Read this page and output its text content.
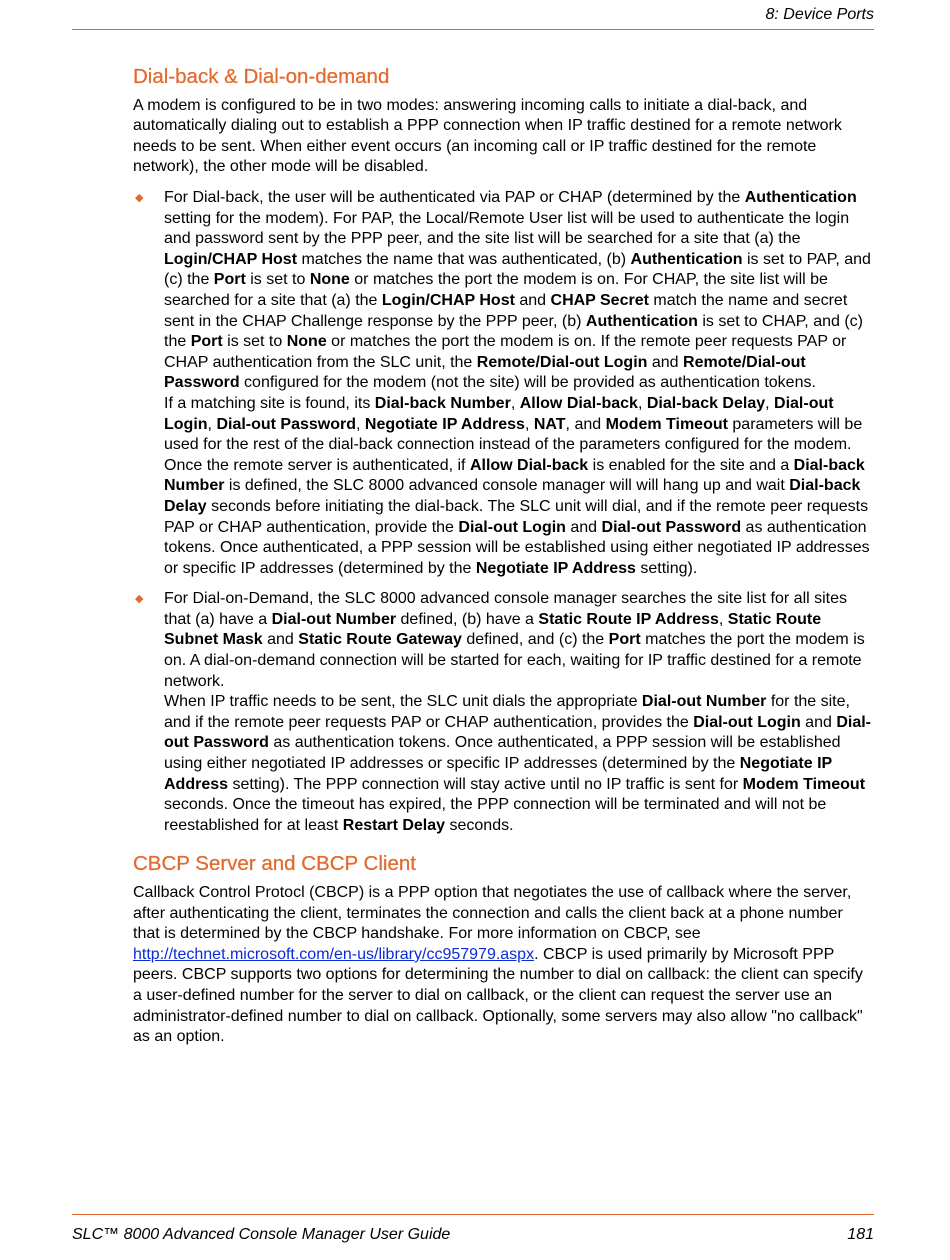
8: Device Ports
Dial-back & Dial-on-demand

A modem is configured to be in two modes: answering incoming calls to initiate a dial-back, and automatically dialing out to establish a PPP connection when IP traffic destined for a remote network needs to be sent. When either event occurs (an incoming call or IP traffic destined for the remote network), the other mode will be disabled.

◆ For Dial-back, the user will be authenticated via PAP or CHAP (determined by the Authentication setting for the modem). For PAP, the Local/Remote User list will be used to authenticate the login and password sent by the PPP peer, and the site list will be searched for a site that (a) the Login/CHAP Host matches the name that was authenticated, (b) Authentication is set to PAP, and (c) the Port is set to None or matches the port the modem is on. For CHAP, the site list will be searched for a site that (a) the Login/CHAP Host and CHAP Secret match the name and secret sent in the CHAP Challenge response by the PPP peer, (b) Authentication is set to CHAP, and (c) the Port is set to None or matches the port the modem is on. If the remote peer requests PAP or CHAP authentication from the SLC unit, the Remote/Dial-out Login and Remote/Dial-out Password configured for the modem (not the site) will be provided as authentication tokens.

If a matching site is found, its Dial-back Number, Allow Dial-back, Dial-back Delay, Dial-out Login, Dial-out Password, Negotiate IP Address, NAT, and Modem Timeout parameters will be used for the rest of the dial-back connection instead of the parameters configured for the modem. Once the remote server is authenticated, if Allow Dial-back is enabled for the site and a Dial-back Number is defined, the SLC 8000 advanced console manager will will hang up and wait Dial-back Delay seconds before initiating the dial-back. The SLC unit will dial, and if the remote peer requests PAP or CHAP authentication, provide the Dial-out Login and Dial-out Password as authentication tokens. Once authenticated, a PPP session will be established using either negotiated IP addresses or specific IP addresses (determined by the Negotiate IP Address setting).

◆ For Dial-on-Demand, the SLC 8000 advanced console manager searches the site list for all sites that (a) have a Dial-out Number defined, (b) have a Static Route IP Address, Static Route Subnet Mask and Static Route Gateway defined, and (c) the Port matches the port the modem is on. A dial-on-demand connection will be started for each, waiting for IP traffic destined for a remote network.

When IP traffic needs to be sent, the SLC unit dials the appropriate Dial-out Number for the site, and if the remote peer requests PAP or CHAP authentication, provides the Dial-out Login and Dial-out Password as authentication tokens. Once authenticated, a PPP session will be established using either negotiated IP addresses or specific IP addresses (determined by the Negotiate IP Address setting). The PPP connection will stay active until no IP traffic is sent for Modem Timeout seconds. Once the timeout has expired, the PPP connection will be terminated and will not be reestablished for at least Restart Delay seconds.

CBCP Server and CBCP Client

Callback Control Protocl (CBCP) is a PPP option that negotiates the use of callback where the server, after authenticating the client, terminates the connection and calls the client back at a phone number that is determined by the CBCP handshake. For more information on CBCP, see http://technet.microsoft.com/en-us/library/cc957979.aspx. CBCP is used primarily by Microsoft PPP peers. CBCP supports two options for determining the number to dial on callback: the client can specify a user-defined number for the server to dial on callback, or the client can request the server use an administrator-defined number to dial on callback. Optionally, some servers may also allow "no callback" as an option.

SLC™ 8000 Advanced Console Manager User Guide	181
